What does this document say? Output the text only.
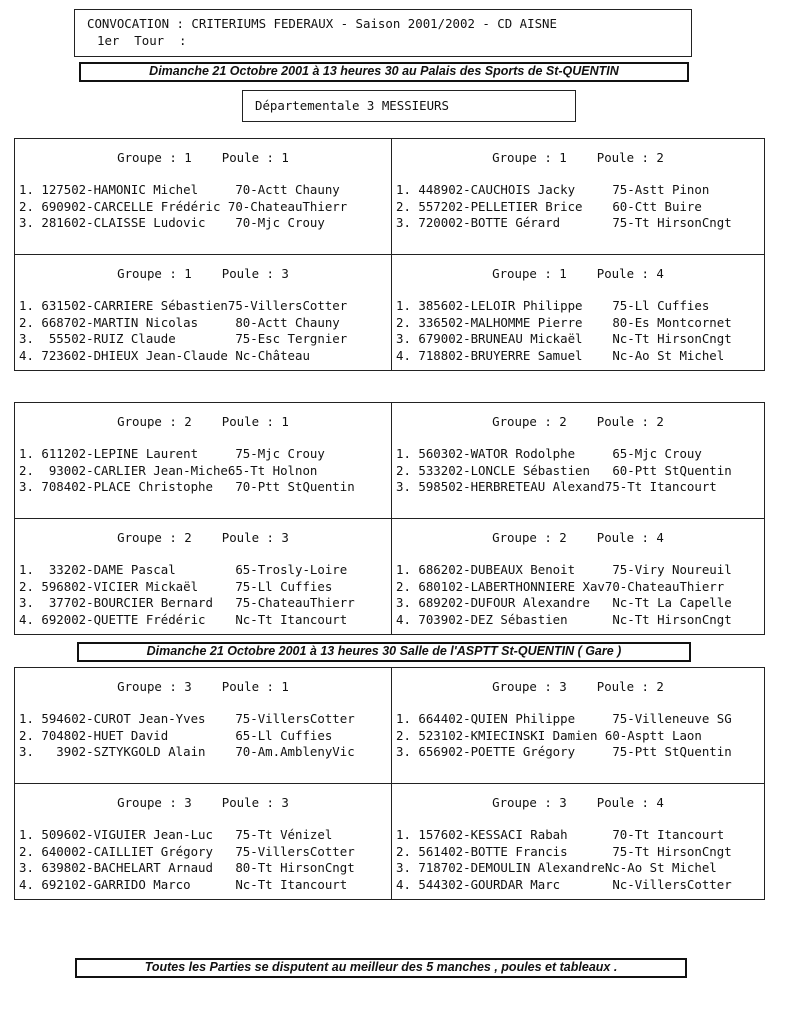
CONVOCATION : CRITERIUMS FEDERAUX - Saison 2001/2002 - CD AISNE
1er  Tour  :
Dimanche 21 Octobre 2001 à 13 heures 30 au Palais des Sports de St-QUENTIN
Départementale 3 MESSIEURS
Groupe : 1 Poule : 1
1. 127502-HAMONIC Michel     70-Actt Chauny
2. 690902-CARCELLE Frédéric 70-ChateauThierr
3. 281602-CLAISSE Ludovic    70-Mjc Crouy
Groupe : 1 Poule : 2
1. 448902-CAUCHOIS Jacky     75-Astt Pinon
2. 557202-PELLETIER Brice    60-Ctt Buire
3. 720002-BOTTE Gérard       75-Tt HirsonCngt
Groupe : 1 Poule : 3
1. 631502-CARRIERE Sébastien75-VillersCotter
2. 668702-MARTIN Nicolas     80-Actt Chauny
3.  55502-RUIZ Claude        75-Esc Tergnier
4. 723602-DHIEUX Jean-Claude Nc-Château
Groupe : 1 Poule : 4
1. 385602-LELOIR Philippe    75-Ll Cuffies
2. 336502-MALHOMME Pierre    80-Es Montcornet
3. 679002-BRUNEAU Mickaël    Nc-Tt HirsonCngt
4. 718802-BRUYERRE Samuel    Nc-Ao St Michel
Groupe : 2 Poule : 1
1. 611202-LEPINE Laurent     75-Mjc Crouy
2.  93002-CARLIER Jean-Miche65-Tt Holnon
3. 708402-PLACE Christophe   70-Ptt StQuentin
Groupe : 2 Poule : 2
1. 560302-WATOR Rodolphe     65-Mjc Crouy
2. 533202-LONCLE Sébastien   60-Ptt StQuentin
3. 598502-HERBRETEAU Alexand75-Tt Itancourt
Groupe : 2 Poule : 3
1.  33202-DAME Pascal        65-Trosly-Loire
2. 596802-VICIER Mickaël     75-Ll Cuffies
3.  37702-BOURCIER Bernard   75-ChateauThierr
4. 692002-QUETTE Frédéric    Nc-Tt Itancourt
Groupe : 2 Poule : 4
1. 686202-DUBEAUX Benoit     75-Viry Noureuil
2. 680102-LABERTHONNIERE Xav70-ChateauThierr
3. 689202-DUFOUR Alexandre   Nc-Tt La Capelle
4. 703902-DEZ Sébastien      Nc-Tt HirsonCngt
Dimanche 21 Octobre 2001 à 13 heures 30 Salle de l'ASPTT St-QUENTIN ( Gare )
Groupe : 3 Poule : 1
1. 594602-CUROT Jean-Yves    75-VillersCotter
2. 704802-HUET David         65-Ll Cuffies
3.   3902-SZTYKGOLD Alain    70-Am.AmblenyVic
Groupe : 3 Poule : 2
1. 664402-QUIEN Philippe     75-Villeneuve SG
2. 523102-KMIECINSKI Damien 60-Asptt Laon
3. 656902-POETTE Grégory     75-Ptt StQuentin
Groupe : 3 Poule : 3
1. 509602-VIGUIER Jean-Luc   75-Tt Vénizel
2. 640002-CAILLIET Grégory   75-VillersCotter
3. 639802-BACHELART Arnaud   80-Tt HirsonCngt
4. 692102-GARRIDO Marco      Nc-Tt Itancourt
Groupe : 3 Poule : 4
1. 157602-KESSACI Rabah      70-Tt Itancourt
2. 561402-BOTTE Francis      75-Tt HirsonCngt
3. 718702-DEMOULIN AlexandreNc-Ao St Michel
4. 544302-GOURDAR Marc       Nc-VillersCotter
Toutes les Parties se disputent au meilleur des 5 manches , poules et tableaux .
